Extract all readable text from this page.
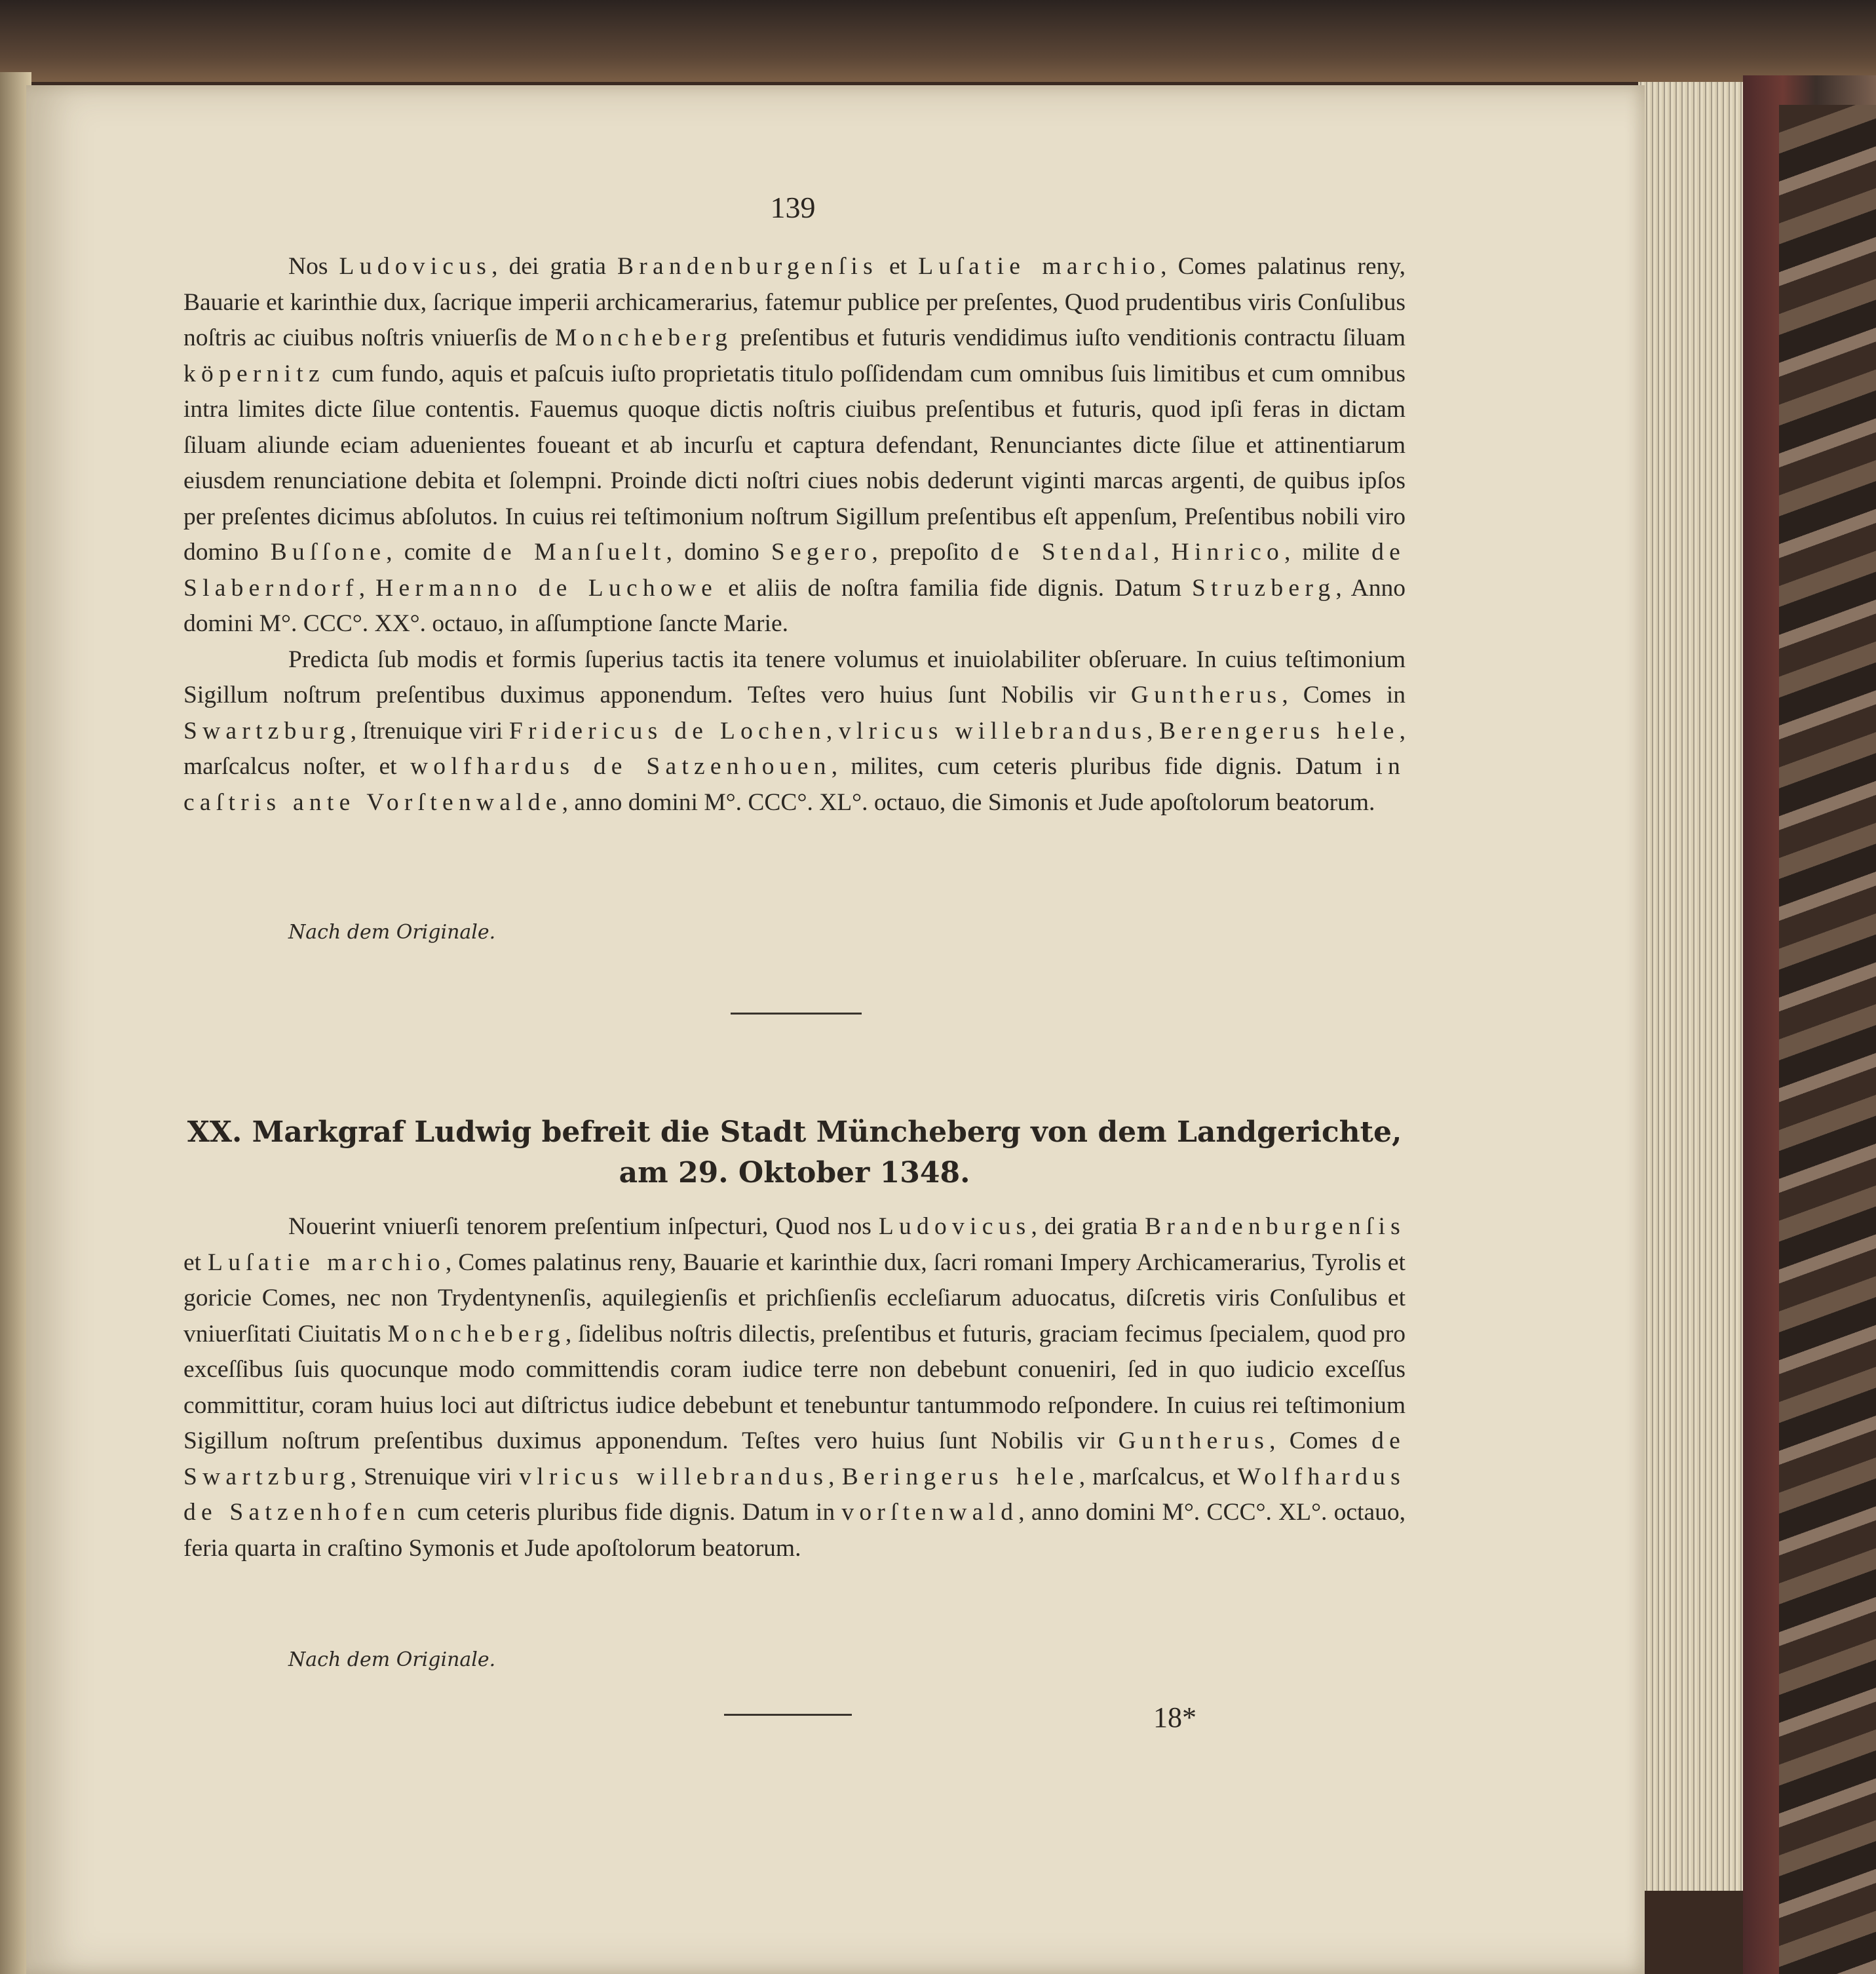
139

Nos Ludovicus, dei gratia Brandenburgenſis et Luſatie marchio, Comes palatinus reny, Bauarie et karinthie dux, ſacrique imperii archicamerarius, fatemur publice per preſentes, Quod prudentibus viris Conſulibus noſtris ac ciuibus noſtris vniuerſis de Moncheberg preſentibus et futuris vendidimus iuſto venditionis contractu ſiluam köpernitz cum fundo, aquis et paſcuis iuſto proprietatis titulo poſſidendam cum omnibus ſuis limitibus et cum omnibus intra limites dicte ſilue contentis. Fauemus quoque dictis noſtris ciuibus preſentibus et futuris, quod ipſi feras in dictam ſiluam aliunde eciam aduenientes foueant et ab incurſu et captura defendant, Renunciantes dicte ſilue et attinentiarum eiusdem renunciatione debita et ſolempni. Proinde dicti noſtri ciues nobis dederunt viginti marcas argenti, de quibus ipſos per preſentes dicimus abſolutos. In cuius rei teſtimonium noſtrum Sigillum preſentibus eſt appenſum, Preſentibus nobili viro domino Buſſone, comite de Manſuelt, domino Segero, prepoſito de Stendal, Hinrico, milite de Slaberndorf, Hermanno de Luchowe et aliis de noſtra familia fide dignis. Datum Struzberg, Anno domini M°. CCC°. XX°. octauo, in aſſumptione ſancte Marie.

Predicta ſub modis et formis ſuperius tactis ita tenere volumus et inuiolabiliter obſeruare. In cuius teſtimonium Sigillum noſtrum preſentibus duximus apponendum. Teſtes vero huius ſunt Nobilis vir Guntherus, Comes in Swartzburg, ſtrenuique viri Fridericus de Lochen, vlricus willebrandus, Berengerus hele, marſcalcus noſter, et wolfhardus de Satzenhouen, milites, cum ceteris pluribus fide dignis. Datum in caſtris ante Vorſtenwalde, anno domini M°. CCC°. XL°. octauo, die Simonis et Jude apoſtolorum beatorum.

Nach dem Originale.
XX. Markgraf Ludwig befreit die Stadt Müncheberg von dem Landgerichte,
am 29. Oktober 1348.

Nouerint vniuerſi tenorem preſentium inſpecturi, Quod nos Ludovicus, dei gratia Brandenburgenſis et Luſatie marchio, Comes palatinus reny, Bauarie et karinthie dux, ſacri romani Impery Archicamerarius, Tyrolis et goricie Comes, nec non Trydentynenſis, aquilegienſis et prichſienſis eccleſiarum aduocatus, diſcretis viris Conſulibus et vniuerſitati Ciuitatis Moncheberg, ſidelibus noſtris dilectis, preſentibus et futuris, graciam fecimus ſpecialem, quod pro exceſſibus ſuis quocunque modo committendis coram iudice terre non debebunt conueniri, ſed in quo iudicio exceſſus committitur, coram huius loci aut diſtrictus iudice debebunt et tenebuntur tantummodo reſpondere. In cuius rei teſtimonium Sigillum noſtrum preſentibus duximus apponendum. Teſtes vero huius ſunt Nobilis vir Guntherus, Comes de Swartzburg, Strenuique viri vlricus willebrandus, Beringerus hele, marſcalcus, et Wolfhardus de Satzenhofen cum ceteris pluribus fide dignis. Datum in vorſtenwald, anno domini M°. CCC°. XL°. octauo, feria quarta in craſtino Symonis et Jude apoſtolorum beatorum.

Nach dem Originale.
18*
